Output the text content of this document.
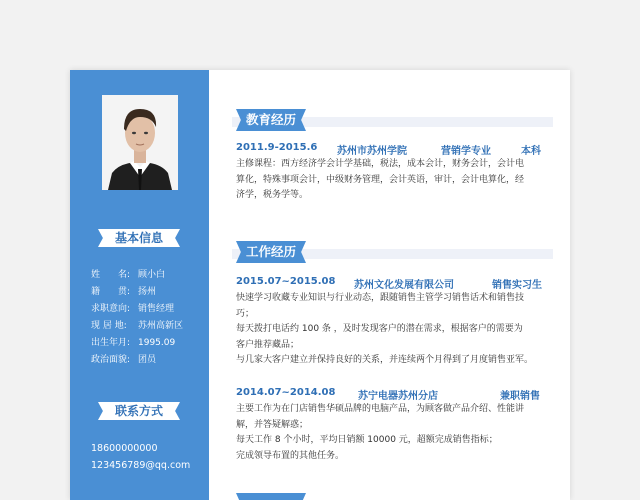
基本信息
姓　　名: 顾小白
籍　　贯: 扬州
求职意向: 销售经理
现 居 地: 苏州高新区
出生年月: 1995.09
政治面貌: 团员
联系方式
18600000000
123456789@qq.com
教育经历
2011.9-2015.6 苏州市苏州学院	营销学专业	本科

主修课程：西方经济学会计学基础，税法，成本会计，财务会计，会计电

算化，特殊事项会计，中级财务管理，会计英语，审计，会计电算化，经

济学，税务学等。

工作经历
2015.07~2015.08 苏州文化发展有限公司	销售实习生

快速学习收藏专业知识与行业动态，跟随销售主管学习销售话术和销售技

巧；

每天拨打电话约 100 条 ，及时发现客户的潜在需求，根据客户的需要为

客户推荐藏品；

与几家大客户建立并保持良好的关系，并连续两个月得到了月度销售亚军。

2014.07~2014.08 苏宁电器苏州分店	兼职销售

主要工作为在门店销售华硕品牌的电脑产品，为顾客做产品介绍、性能讲

解，并答疑解惑；

每天工作 8 个小时，平均日销额 10000 元，超额完成销售指标；

完成领导布置的其他任务。
